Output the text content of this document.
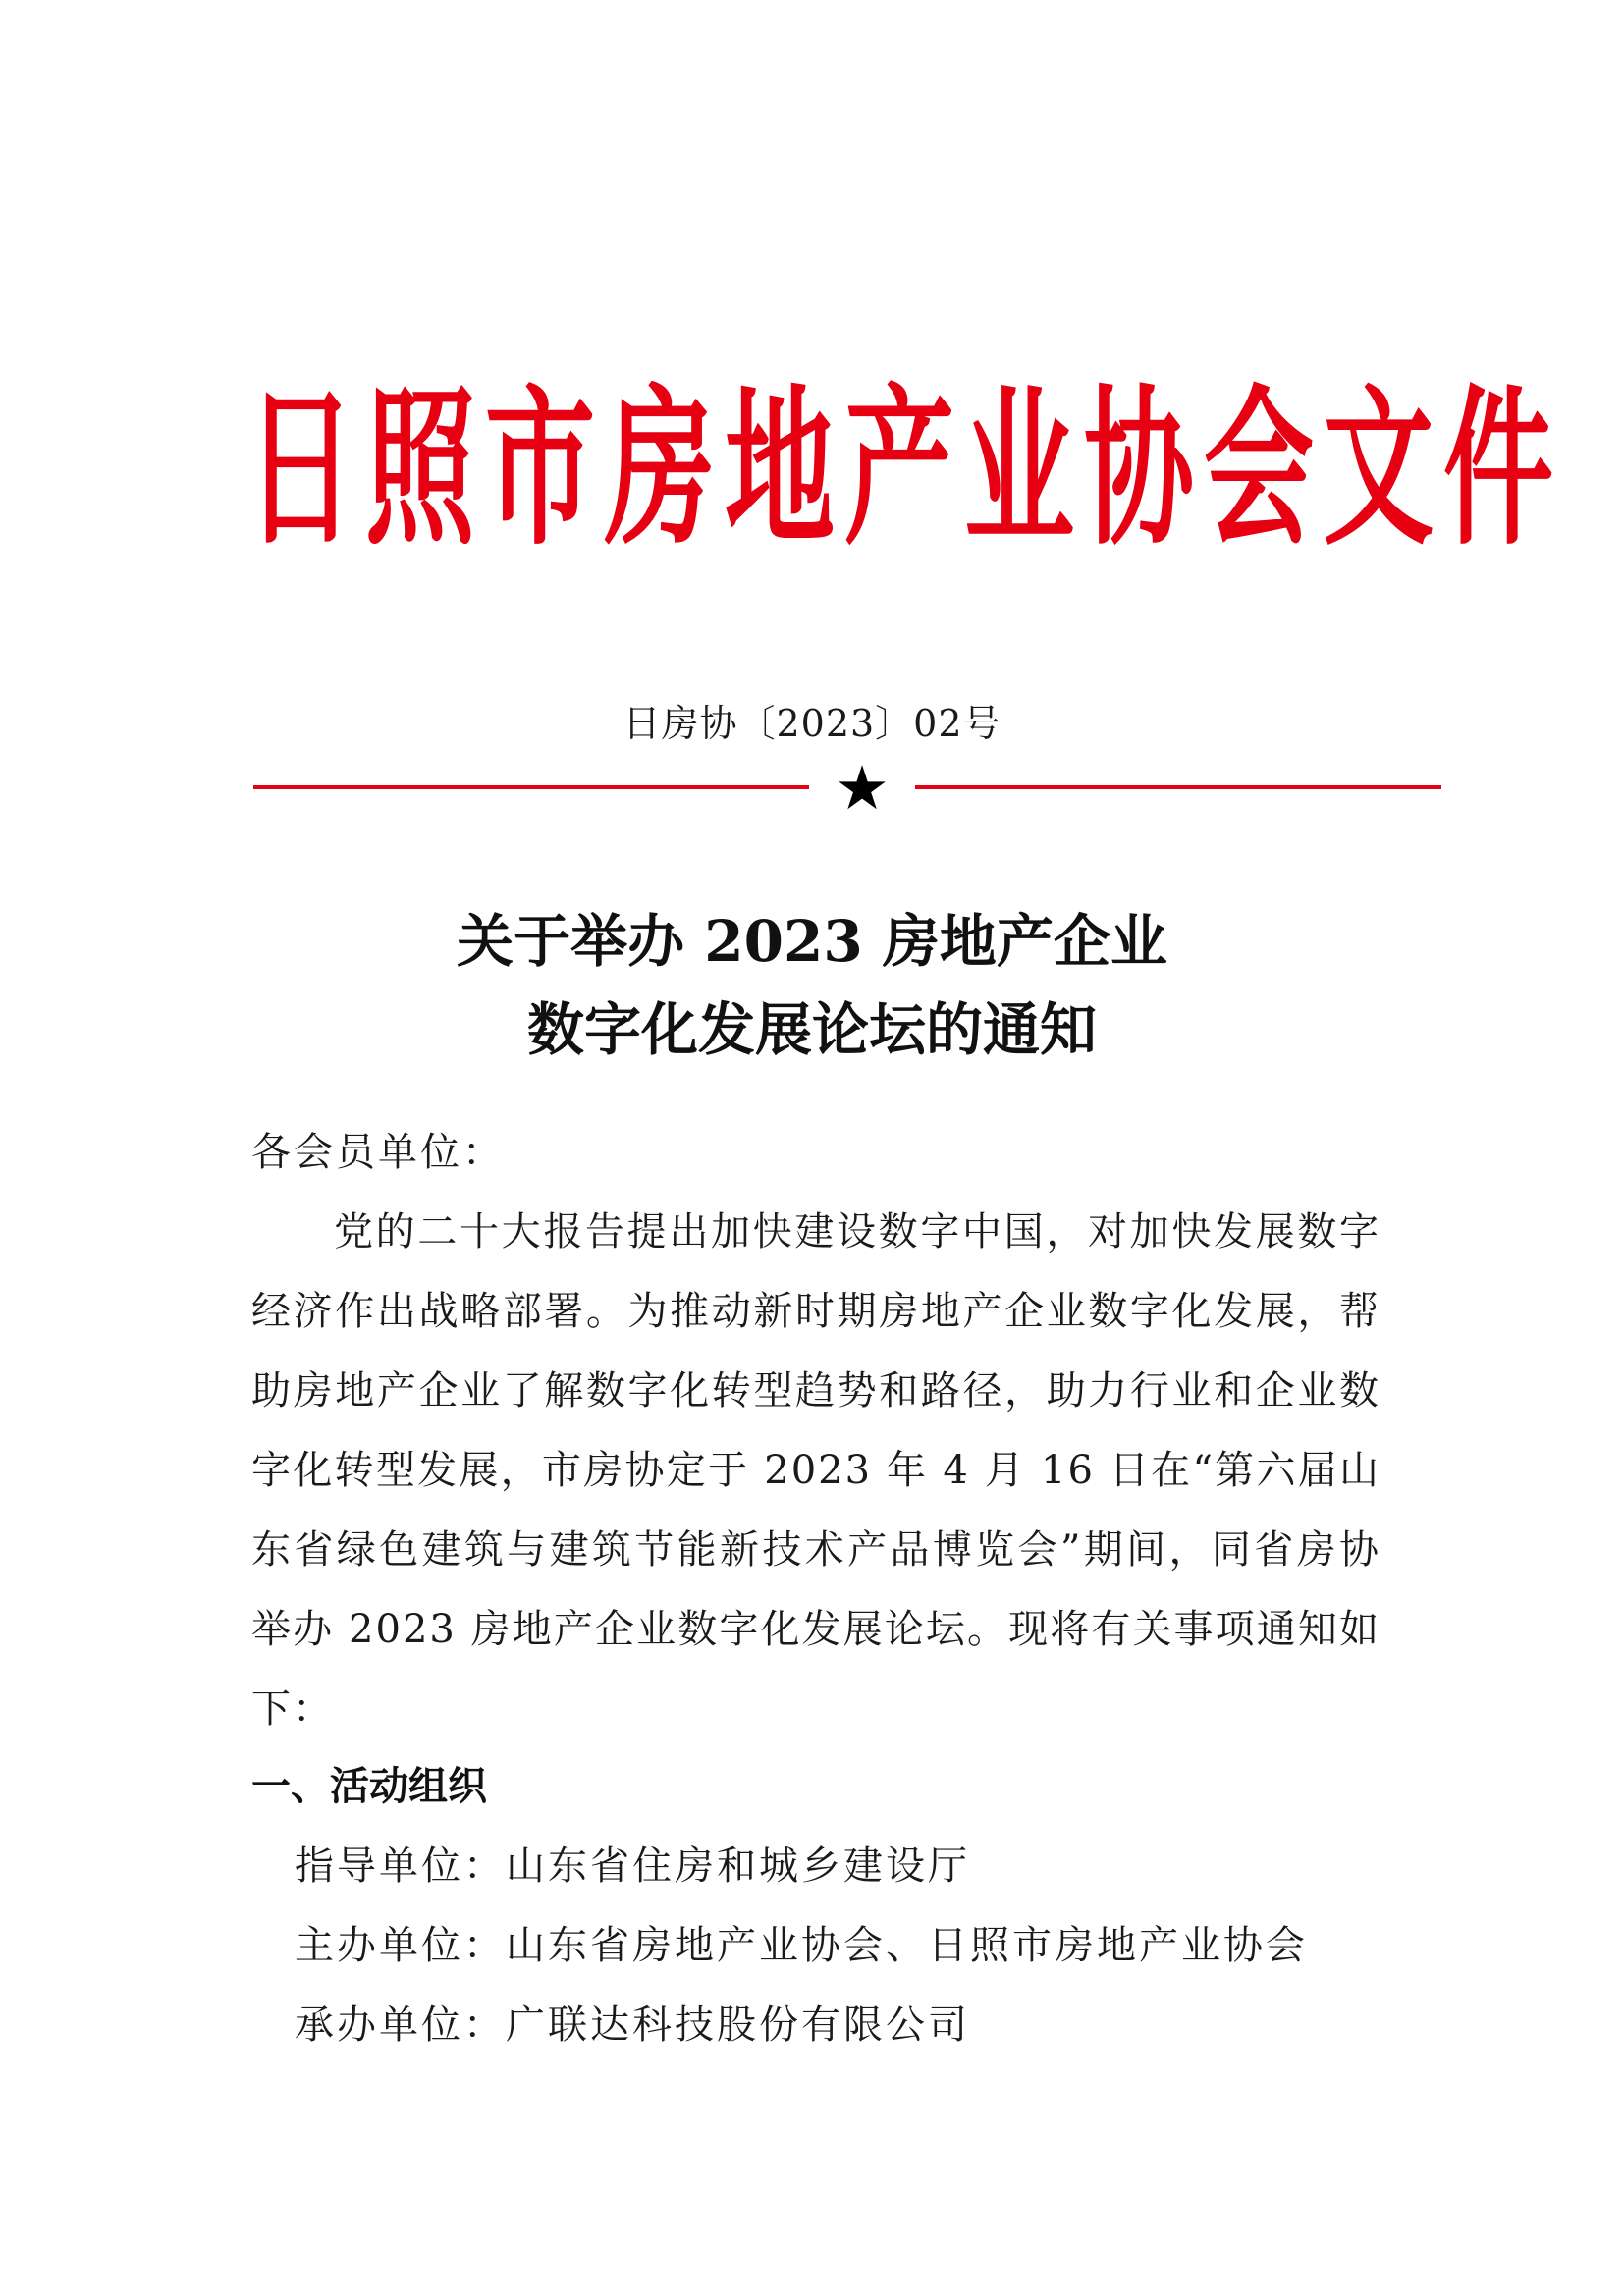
日照市房地产业协会文件
日房协〔2023〕02号
★
关于举办 2023 房地产企业
数字化发展论坛的通知
各会员单位：
党的二十大报告提出加快建设数字中国，对加快发展数字经济作出战略部署。为推动新时期房地产企业数字化发展，帮助房地产企业了解数字化转型趋势和路径，助力行业和企业数字化转型发展，市房协定于 2023 年 4 月 16 日在“第六届山东省绿色建筑与建筑节能新技术产品博览会”期间，同省房协举办 2023 房地产企业数字化发展论坛。现将有关事项通知如下：
一、活动组织
指导单位：山东省住房和城乡建设厅
主办单位：山东省房地产业协会、日照市房地产业协会
承办单位：广联达科技股份有限公司
